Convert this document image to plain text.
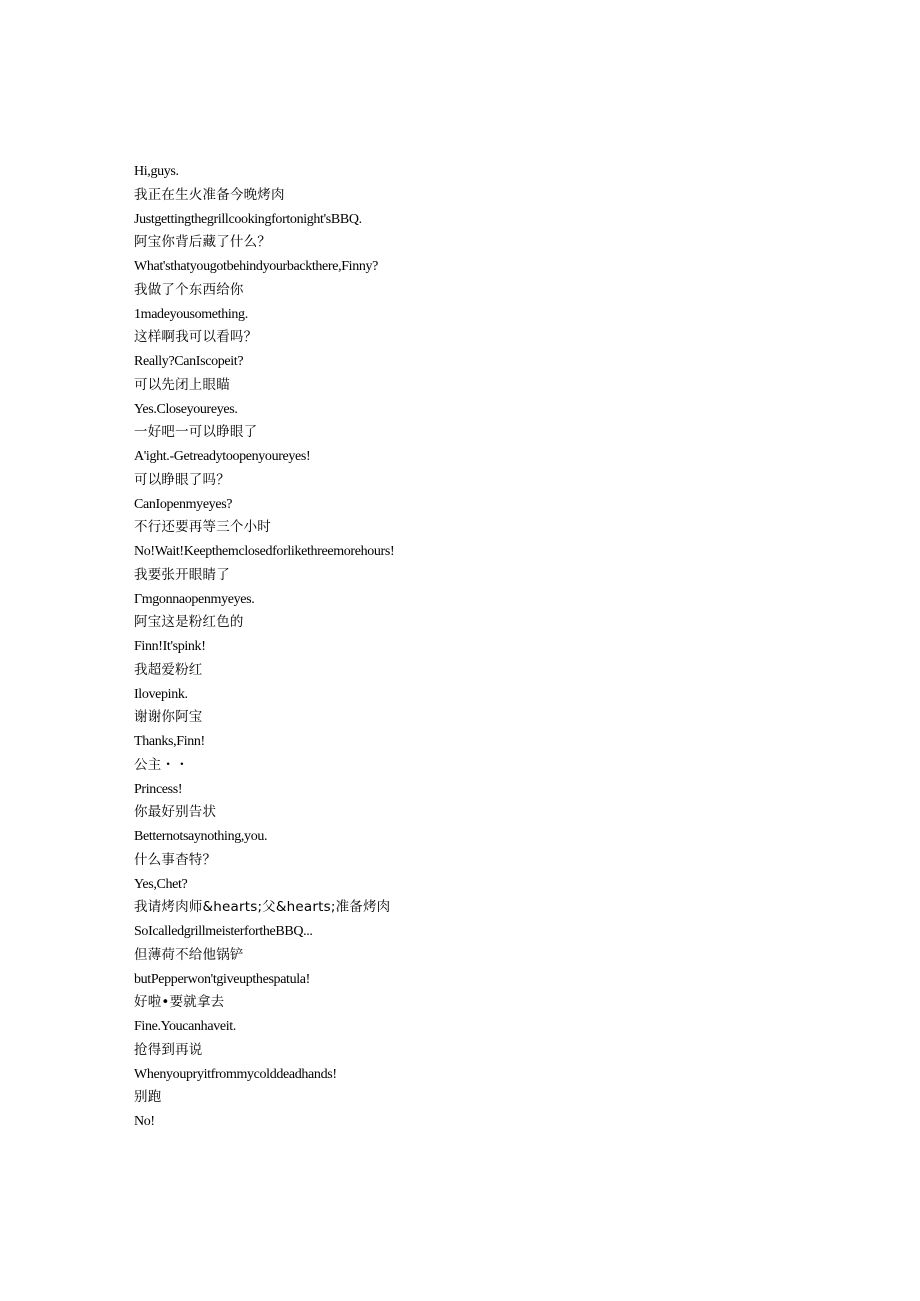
Hi,guys.
我正在生火准备今晚烤肉
Justgettingthegrillcookingfortonight'sBBQ.
阿宝你背后藏了什么？
What'sthatyougotbehindyourbackthere,Finny?
我做了个东西给你
1madeyousomething.
这样啊我可以看吗？
Really?CanIscopeit?
可以先闭上眼瞄
Yes.Closeyoureyes.
一好吧一可以睁眼了
A'ight.-Getreadytoopenyoureyes!
可以睁眼了吗？
CanIopenmyeyes?
不行还要再等三个小时
No!Wait!Keepthemclosedforlikethreemorehours!
我要张开眼睛了
Γmgonnaopenmyeyes.
阿宝这是粉红色的
Finn!It'spink!
我超爱粉红
Ilovepink.
谢谢你阿宝
Thanks,Finn!
公主・・
Princess!
你最好别告状
Betternotsaynothing,you.
什么事杳特？
Yes,Chet?
我请烤肉师&hearts;父&hearts;准备烤肉
SoIcalledgrillmeisterfortheBBQ...
但薄荷不给他锅铲
butPepperwon'tgiveupthespatula!
好啦•要就拿去
Fine.Youcanhaveit.
抢得到再说
Whenyoupryitfrommycolddeadhands!
别跑
No!
